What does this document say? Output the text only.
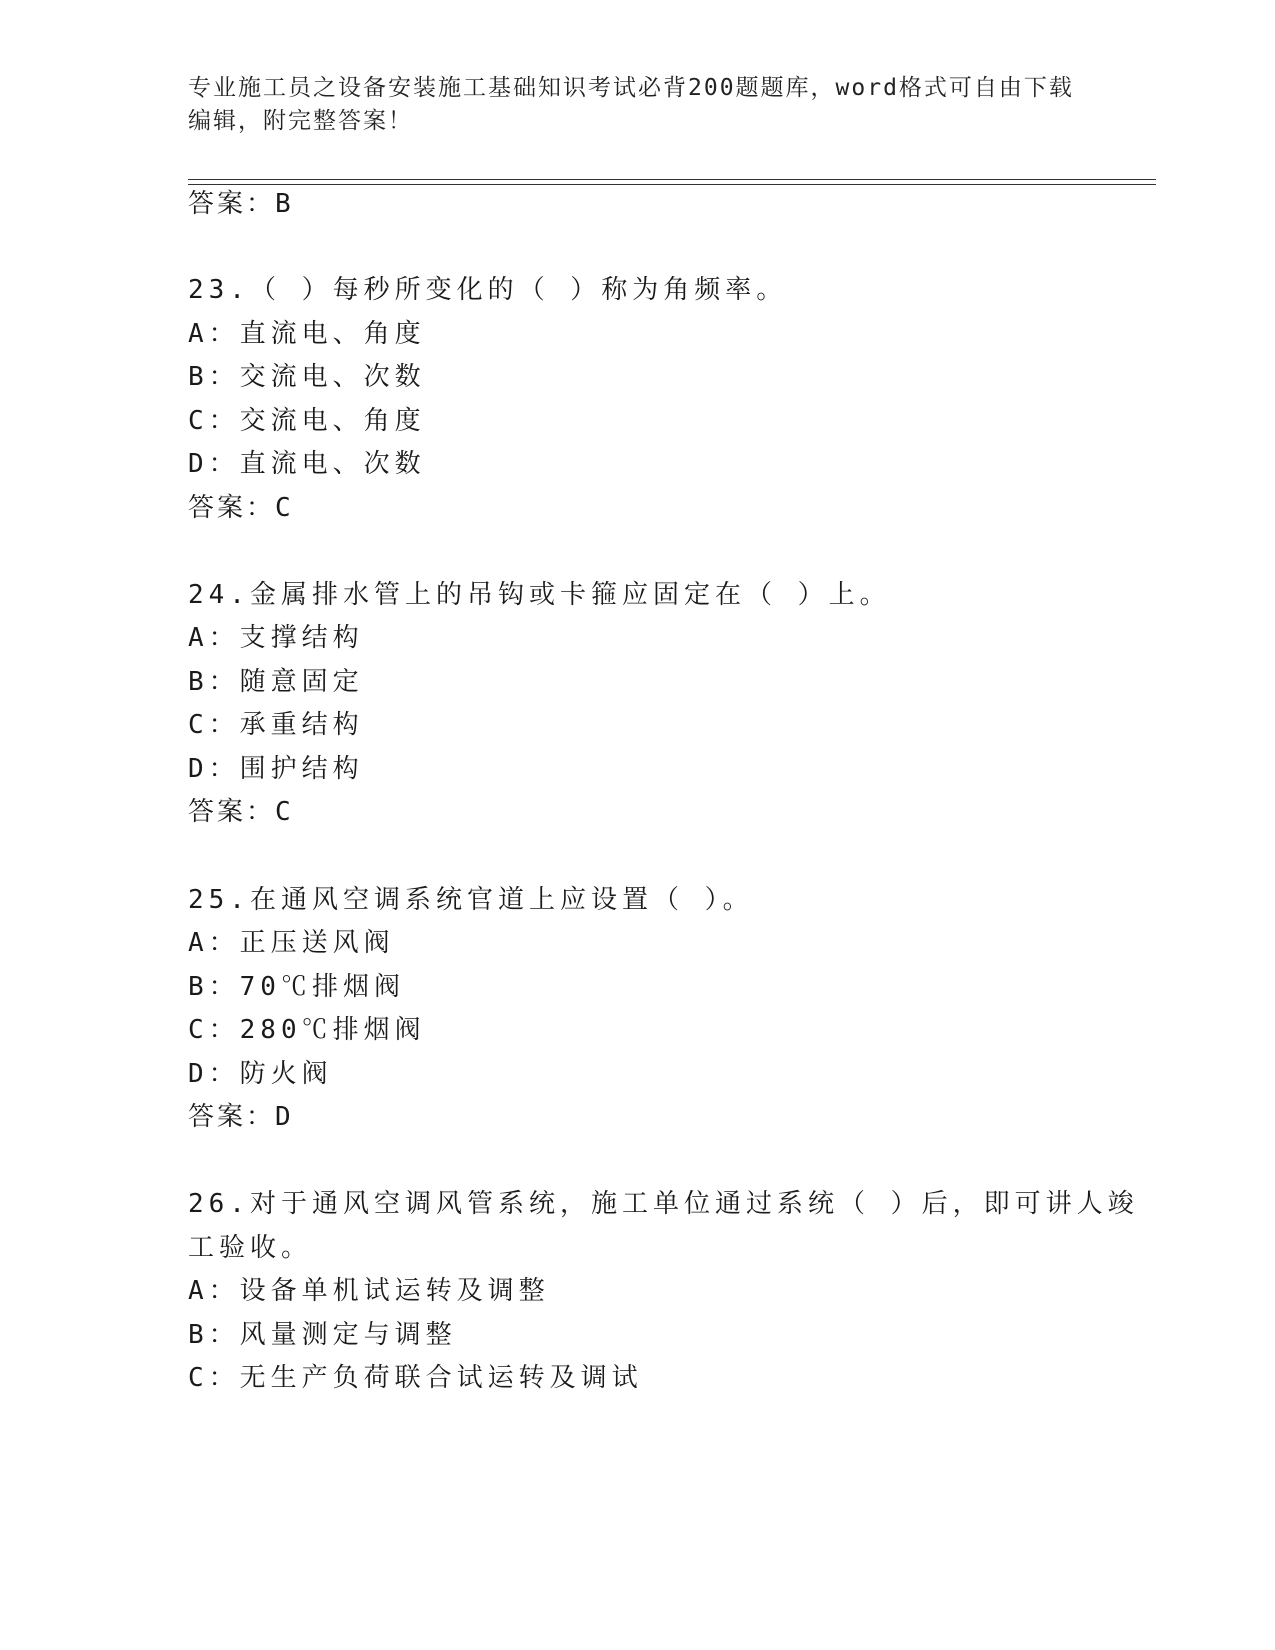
专业施工员之设备安装施工基础知识考试必背200题题库，word格式可自由下载
编辑，附完整答案！
答案：B
23.（ ）每秒所变化的（ ）称为角频率。
A：直流电、角度
B：交流电、次数
C：交流电、角度
D：直流电、次数
答案：C
24.金属排水管上的吊钩或卡箍应固定在（ ）上。
A：支撑结构
B：随意固定
C：承重结构
D：围护结构
答案：C
25.在通风空调系统官道上应设置（ ）。
A：正压送风阀
B：70℃排烟阀
C：280℃排烟阀
D：防火阀
答案：D
26.对于通风空调风管系统，施工单位通过系统（ ）后，即可讲人竣
工验收。
A：设备单机试运转及调整
B：风量测定与调整
C：无生产负荷联合试运转及调试
